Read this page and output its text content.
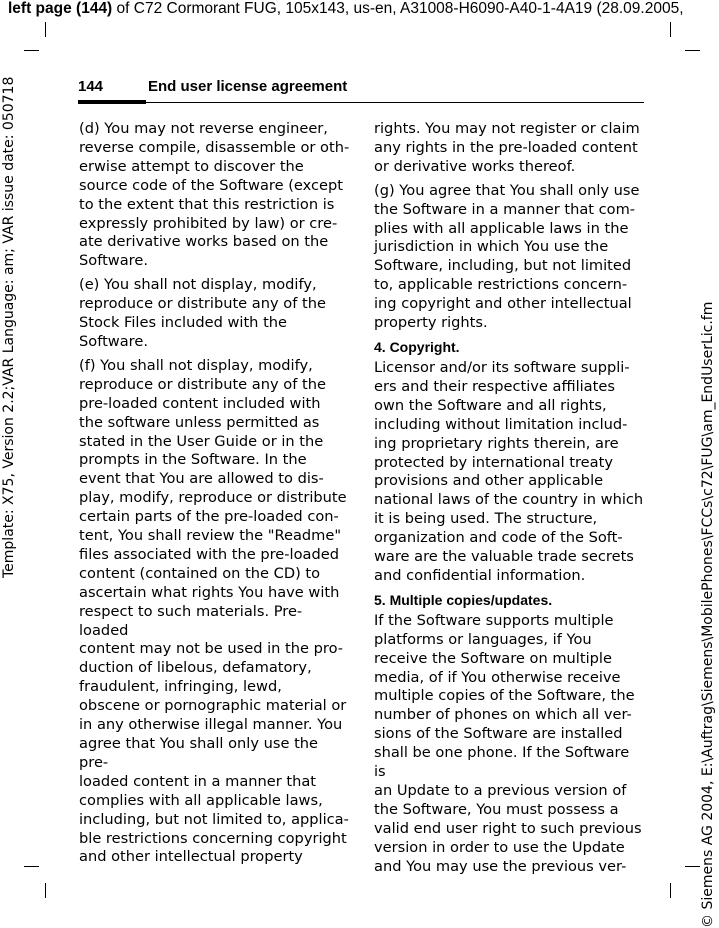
left page (144) of C72 Cormorant FUG, 105x143, us-en, A31008-H6090-A40-1-4A19 (28.09.2005,
Template: X75, Version 2.2;VAR Language: am; VAR issue date: 050718	© Siemens AG 2004, E:\Auftrag\Siemens\MobilePhones\FCCs\c72\FUG\am_EndUserLic.fm
144	End user license agreement

(d) You may not reverse engineer,
reverse compile, disassemble or oth-
erwise attempt to discover the
source code of the Software (except
to the extent that this restriction is
expressly prohibited by law) or cre-
ate derivative works based on the
Software.

(e) You shall not display, modify,
reproduce or distribute any of the
Stock Files included with the
Software.

(f) You shall not display, modify,
reproduce or distribute any of the
pre-loaded content included with
the software unless permitted as
stated in the User Guide or in the
prompts in the Software. In the
event that You are allowed to dis-
play, modify, reproduce or distribute
certain parts of the pre-loaded con-
tent, You shall review the "Readme"
files associated with the pre-loaded
content (contained on the CD) to
ascertain what rights You have with
respect to such materials. Pre-loaded
content may not be used in the pro-
duction of libelous, defamatory,
fraudulent, infringing, lewd,
obscene or pornographic material or
in any otherwise illegal manner. You
agree that You shall only use the pre-
loaded content in a manner that
complies with all applicable laws,
including, but not limited to, applica-
ble restrictions concerning copyright
and other intellectual property

rights. You may not register or claim
any rights in the pre-loaded content
or derivative works thereof.

(g) You agree that You shall only use
the Software in a manner that com-
plies with all applicable laws in the
jurisdiction in which You use the
Software, including, but not limited
to, applicable restrictions concern-
ing copyright and other intellectual
property rights.

4. Copyright.

Licensor and/or its software suppli-
ers and their respective affiliates
own the Software and all rights,
including without limitation includ-
ing proprietary rights therein, are
protected by international treaty
provisions and other applicable
national laws of the country in which
it is being used. The structure,
organization and code of the Soft-
ware are the valuable trade secrets
and confidential information.

5. Multiple copies/updates.

If the Software supports multiple
platforms or languages, if You
receive the Software on multiple
media, of if You otherwise receive
multiple copies of the Software, the
number of phones on which all ver-
sions of the Software are installed
shall be one phone. If the Software is
an Update to a previous version of
the Software, You must possess a
valid end user right to such previous
version in order to use the Update
and You may use the previous ver-
